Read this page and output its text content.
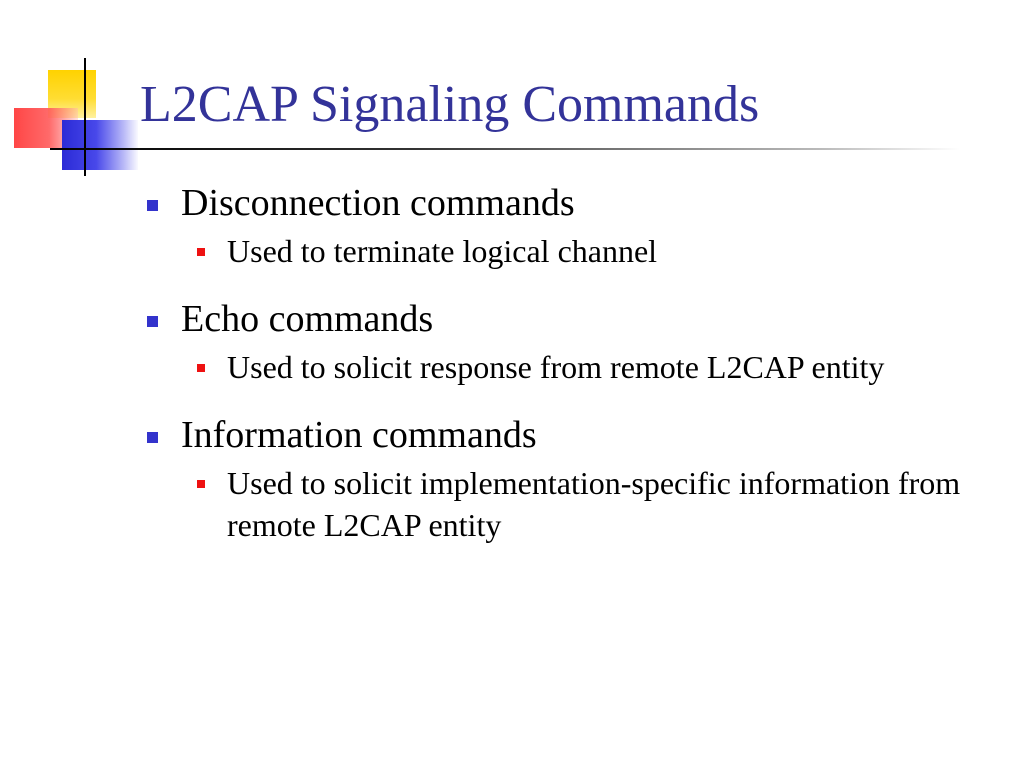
L2CAP Signaling Commands
Disconnection commands
Used to terminate logical channel
Echo commands
Used to solicit response from remote L2CAP entity
Information commands
Used to solicit implementation-specific information from remote L2CAP entity
